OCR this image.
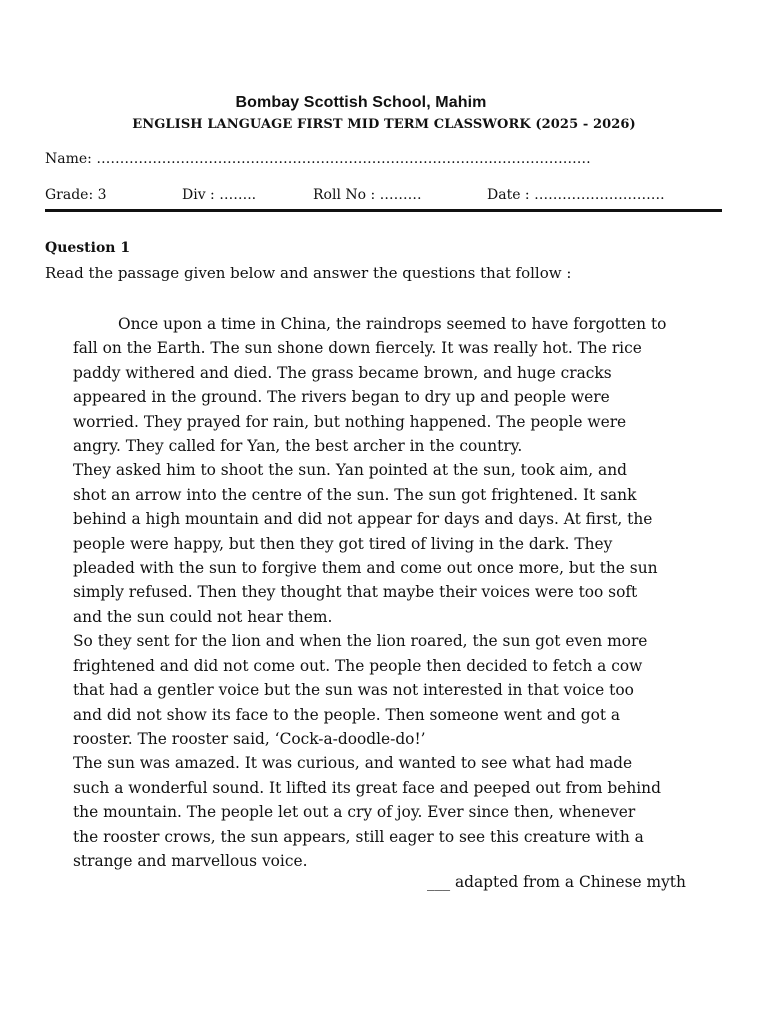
Bombay Scottish School, Mahim
ENGLISH LANGUAGE FIRST MID TERM CLASSWORK (2025 - 2026)
Name: ………………………………………………………………………….…………………
Grade: 3	Div : ……..	Roll No : ………	Date : ……………………….
Question 1
Read the passage given below and answer the questions that follow :

Once upon a time in China, the raindrops seemed to have forgotten to

fall on the Earth. The sun shone down fiercely. It was really hot. The rice

paddy withered and died. The grass became brown, and huge cracks

appeared in the ground. The rivers began to dry up and people were

worried. They prayed for rain, but nothing happened. The people were

angry. They called for Yan, the best archer in the country.

They asked him to shoot the sun. Yan pointed at the sun, took aim, and

shot an arrow into the centre of the sun. The sun got frightened. It sank

behind a high mountain and did not appear for days and days. At first, the

people were happy, but then they got tired of living in the dark. They

pleaded with the sun to forgive them and come out once more, but the sun

simply refused. Then they thought that maybe their voices were too soft

and the sun could not hear them.

So they sent for the lion and when the lion roared, the sun got even more

frightened and did not come out. The people then decided to fetch a cow

that had a gentler voice but the sun was not interested in that voice too

and did not show its face to the people. Then someone went and got a

rooster. The rooster said, ‘Cock-a-doodle-do!’

The sun was amazed. It was curious, and wanted to see what had made

such a wonderful sound. It lifted its great face and peeped out from behind

the mountain. The people let out a cry of joy. Ever since then, whenever

the rooster crows, the sun appears, still eager to see this creature with a

strange and marvellous voice.

___ adapted from a Chinese myth
